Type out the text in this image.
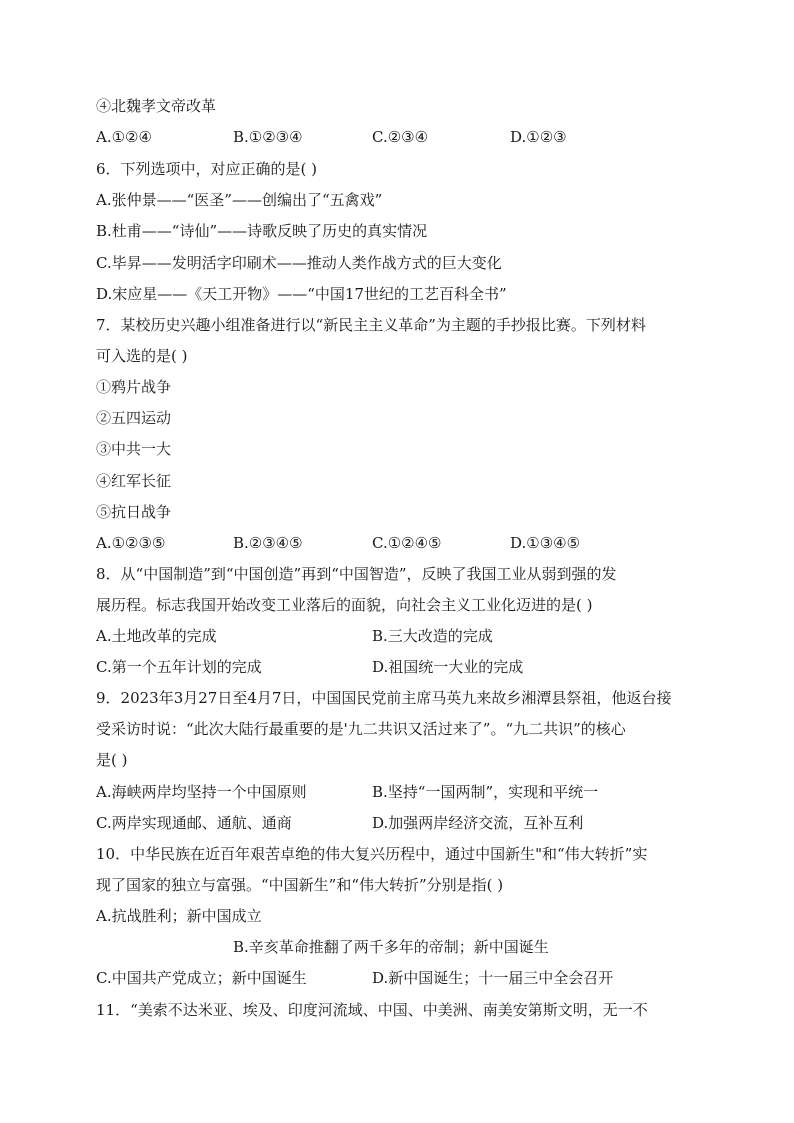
④北魏孝文帝改革
A.①②④	B.①②③④	C.②③④	D.①②③
6．下列选项中，对应正确的是( )
A.张仲景——“医圣”——创编出了“五禽戏”
B.杜甫——“诗仙”——诗歌反映了历史的真实情况
C.毕昇——发明活字印刷术——推动人类作战方式的巨大变化
D.宋应星——《天工开物》——“中国17世纪的工艺百科全书”
7．某校历史兴趣小组准备进行以“新民主主义革命”为主题的手抄报比赛。下列材料
可入选的是( )
①鸦片战争
②五四运动
③中共一大
④红军长征
⑤抗日战争
A.①②③⑤	B.②③④⑤	C.①②④⑤	D.①③④⑤
8．从“中国制造”到“中国创造”再到“中国智造”，反映了我国工业从弱到强的发
展历程。标志我国开始改变工业落后的面貌，向社会主义工业化迈进的是( )
A.土地改革的完成	B.三大改造的完成
C.第一个五年计划的完成	D.祖国统一大业的完成
9．2023年3月27日至4月7日，中国国民党前主席马英九来故乡湘潭县祭祖，他返台接
受采访时说：“此次大陆行最重要的是'九二共识又活过来了”。“九二共识”的核心
是( )
A.海峡两岸均坚持一个中国原则	B.坚持“一国两制”，实现和平统一
C.两岸实现通邮、通航、通商	D.加强两岸经济交流，互补互利
10．中华民族在近百年艰苦卓绝的伟大复兴历程中，通过中国新生"和“伟大转折”实
现了国家的独立与富强。“中国新生”和“伟大转折”分别是指( )
A.抗战胜利；新中国成立
B.辛亥革命推翻了两千多年的帝制；新中国诞生
C.中国共产党成立；新中国诞生	D.新中国诞生；十一届三中全会召开
11．“美索不达米亚、埃及、印度河流域、中国、中美洲、南美安第斯文明，无一不
